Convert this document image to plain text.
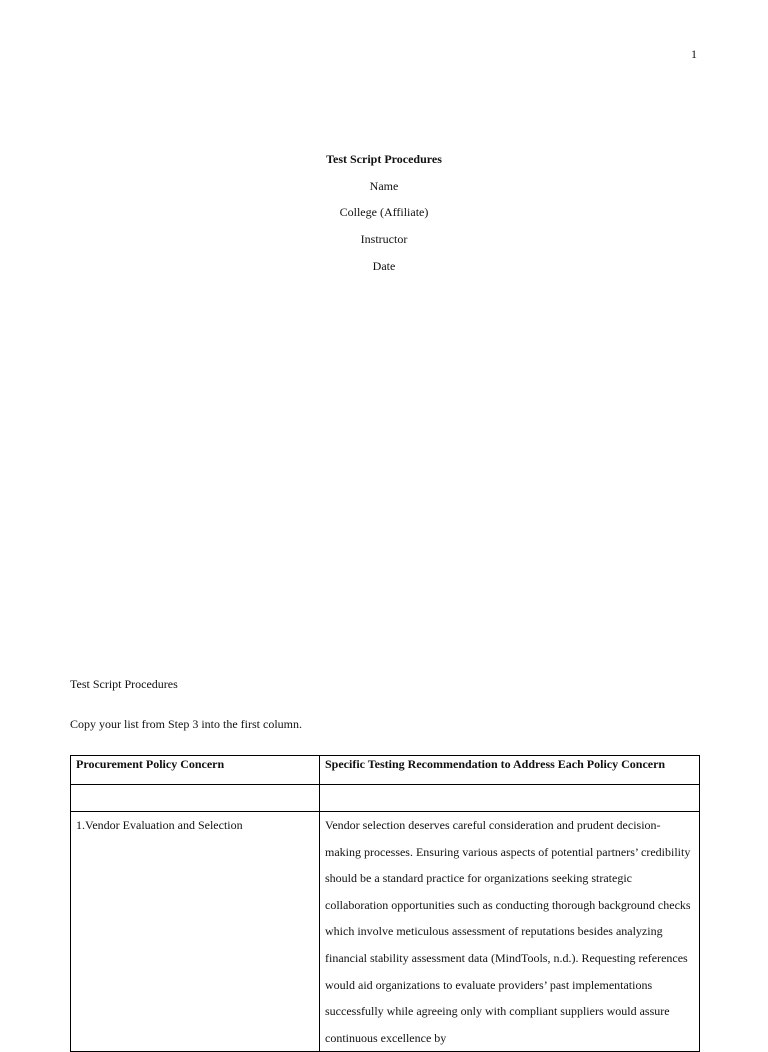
1
Test Script Procedures
Name
College (Affiliate)
Instructor
Date
Test Script Procedures
Copy your list from Step 3 into the first column.
Procurement Policy Concern	Specific Testing Recommendation to Address Each Policy Concern

1.Vendor Evaluation and Selection	Vendor selection deserves careful consideration and prudent decision-making processes. Ensuring various aspects of potential partners’ credibility should be a standard practice for organizations seeking strategic collaboration opportunities such as conducting thorough background checks which involve meticulous assessment of reputations besides analyzing financial stability assessment data (MindTools, n.d.). Requesting references would aid organizations to evaluate providers’ past implementations successfully while agreeing only with compliant suppliers would assure continuous excellence by
